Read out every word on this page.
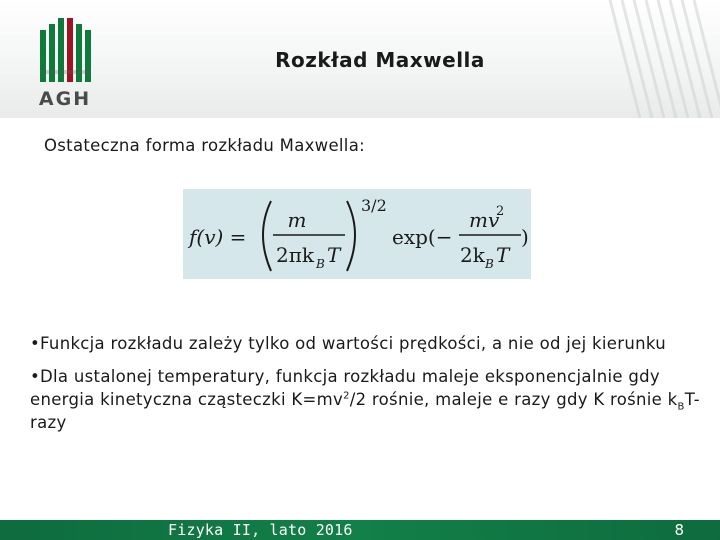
AGH
Rozkład Maxwella
Ostateczna forma rozkładu Maxwella:
f(v) =
m
2πk B T
3/2
exp(−
mv
2
2k B T
)
•Funkcja rozkładu zależy tylko od wartości prędkości, a nie od jej kierunku
•Dla ustalonej temperatury, funkcja rozkładu maleje eksponencjalnie gdy energia kinetyczna cząsteczki $K=mv^2/2$ rośnie, maleje e razy gdy K rośnie $k_BT$-razy
Fizyka II, lato 2016	8
